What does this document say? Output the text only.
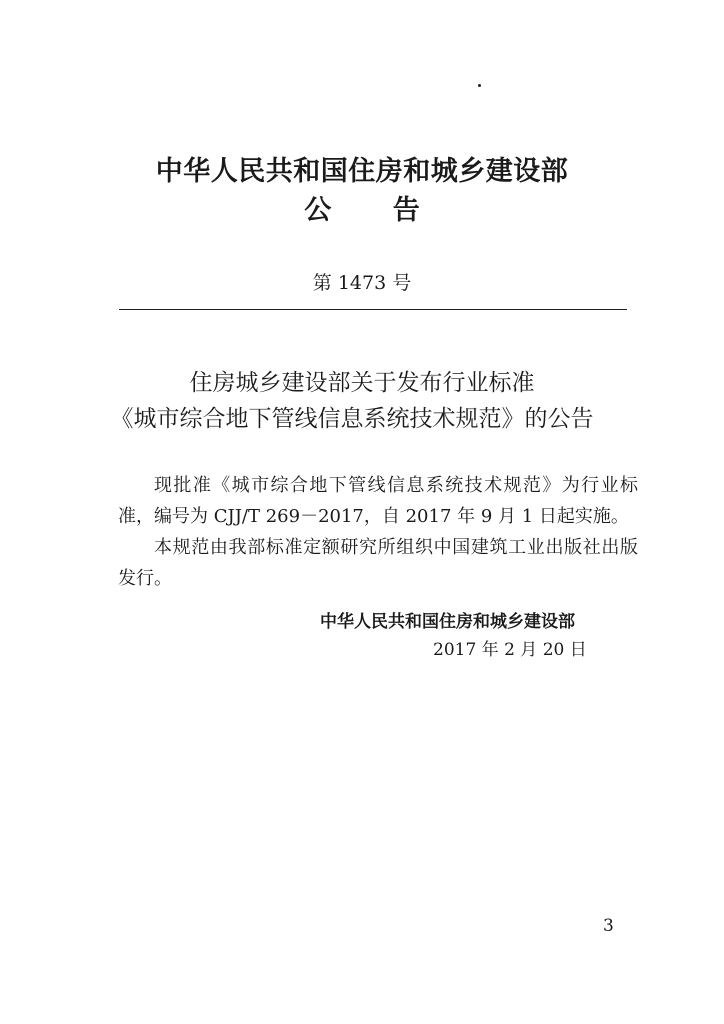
中华人民共和国住房和城乡建设部
公 告
第 1473 号
住房城乡建设部关于发布行业标准
《城市综合地下管线信息系统技术规范》的公告

现批准《城市综合地下管线信息系统技术规范》为行业标准，编号为 CJJ/T 269－2017，自 2017 年 9 月 1 日起实施。

本规范由我部标准定额研究所组织中国建筑工业出版社出版发行。

中华人民共和国住房和城乡建设部
2017 年 2 月 20 日
3
